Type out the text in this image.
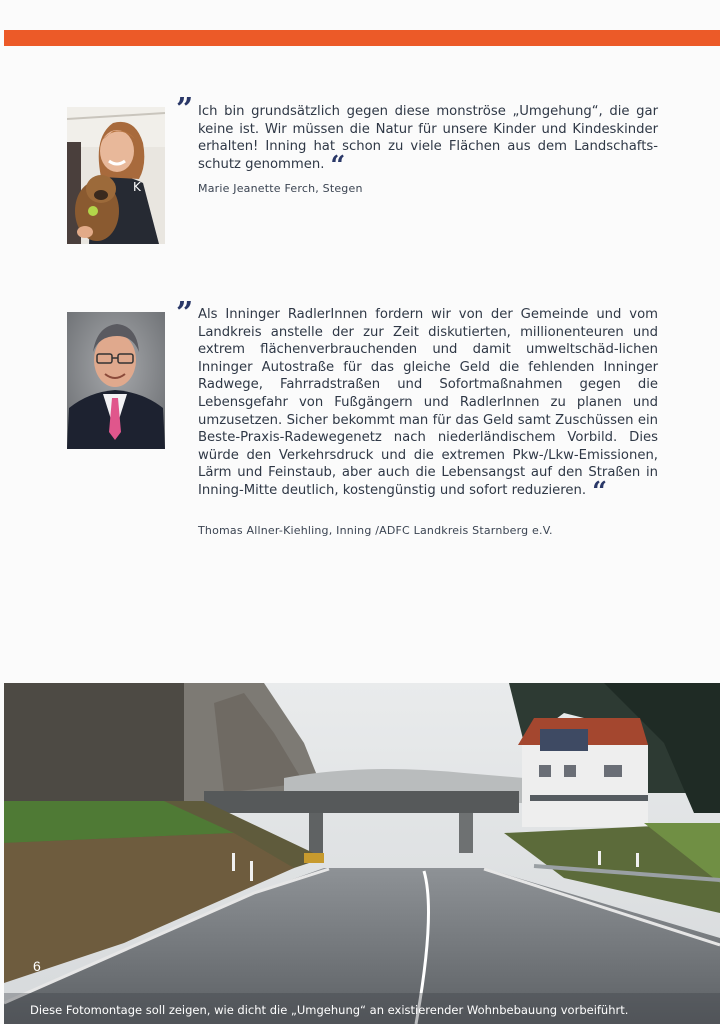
K
” Ich bin grundsätzlich gegen diese monströse „Umgehung“, die gar keine ist. Wir müssen die Natur für unsere Kinder und Kindeskinder erhalten! Inning hat schon zu viele Flächen aus dem Landschafts-schutz genommen. “
Marie Jeanette Ferch, Stegen
” Als Inninger RadlerInnen fordern wir von der Gemeinde und vom Landkreis anstelle der zur Zeit diskutierten, millionenteuren und extrem flächenverbrauchenden und damit umweltschäd-lichen Inninger Autostraße für das gleiche Geld die fehlenden Inninger Radwege, Fahrradstraßen und Sofortmaßnahmen gegen die Lebensgefahr von Fußgängern und RadlerInnen zu planen und umzusetzen. Sicher bekommt man für das Geld samt Zuschüssen ein Beste-Praxis-Radewegenetz nach niederländischem Vorbild. Dies würde den Verkehrsdruck und die extremen Pkw-/Lkw-Emissionen, Lärm und Feinstaub, aber auch die Lebensangst auf den Straßen in Inning-Mitte deutlich, kostengünstig und sofort reduzieren. “
Thomas Allner-Kiehling, Inning /ADFC Landkreis Starnberg e.V.
6
Diese Fotomontage soll zeigen, wie dicht die „Umgehung“ an existierender Wohnbebauung vorbeiführt.
